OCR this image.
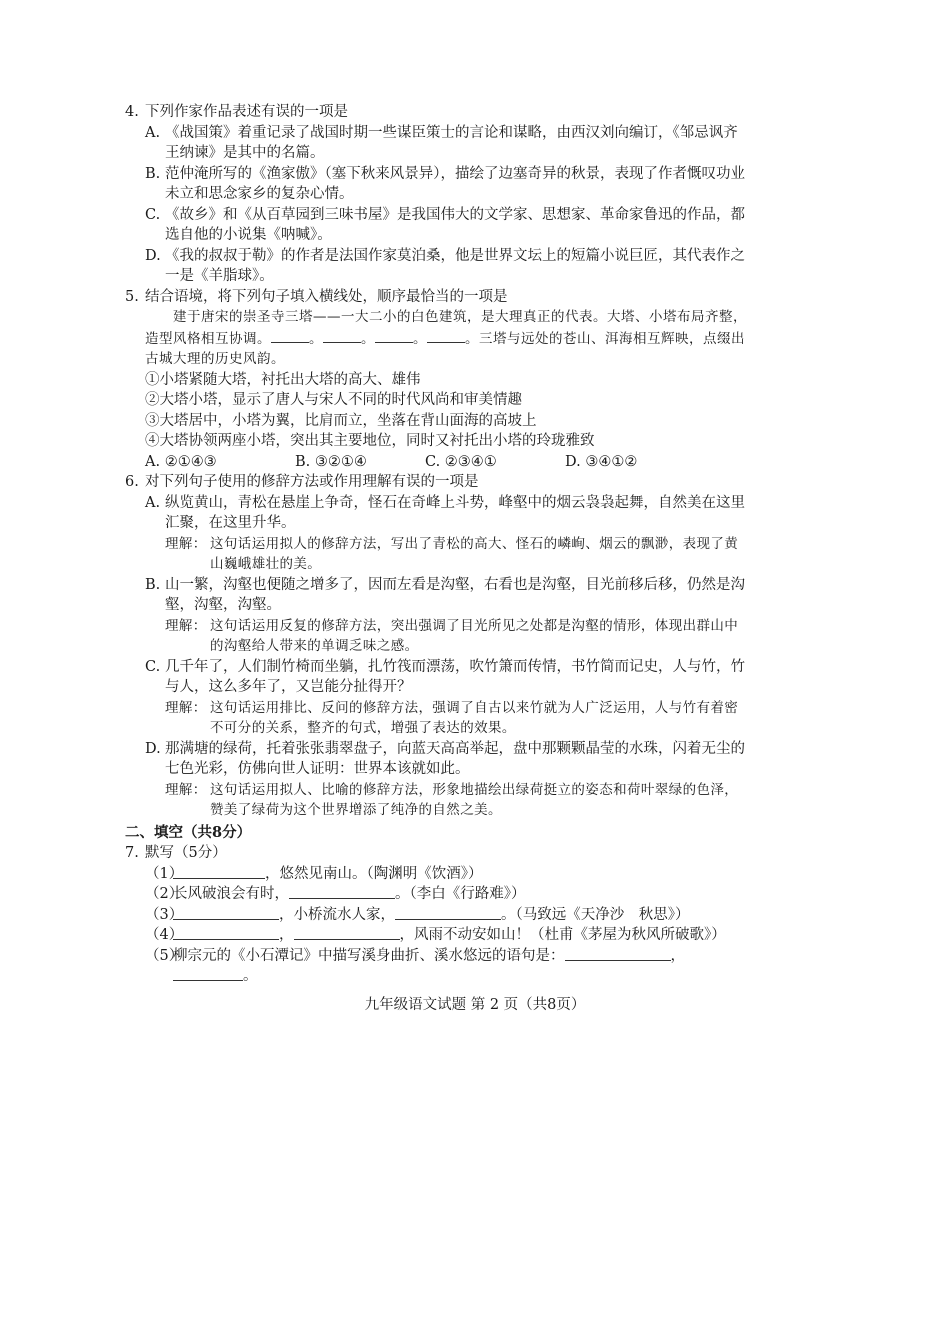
4. 下列作家作品表述有误的一项是
A. 《战国策》着重记录了战国时期一些谋臣策士的言论和谋略，由西汉刘向编订，《邹忌讽齐王纳谏》是其中的名篇。
B. 范仲淹所写的《渔家傲》（塞下秋来风景异），描绘了边塞奇异的秋景，表现了作者慨叹功业未立和思念家乡的复杂心情。
C. 《故乡》和《从百草园到三味书屋》是我国伟大的文学家、思想家、革命家鲁迅的作品，都选自他的小说集《呐喊》。
D. 《我的叔叔于勒》的作者是法国作家莫泊桑，他是世界文坛上的短篇小说巨匠，其代表作之一是《羊脂球》。
5. 结合语境，将下列句子填入横线处，顺序最恰当的一项是
建于唐宋的崇圣寺三塔——一大二小的白色建筑，是大理真正的代表。大塔、小塔布局齐整，造型风格相互协调。	。	。	。	。三塔与远处的苍山、洱海相互辉映，点缀出古城大理的历史风韵。
①小塔紧随大塔，衬托出大塔的高大、雄伟
②大塔小塔，显示了唐人与宋人不同的时代风尚和审美情趣
③大塔居中，小塔为翼，比肩而立，坐落在背山面海的高坡上
④大塔协领两座小塔，突出其主要地位，同时又衬托出小塔的玲珑雅致
A. ②①④③	B. ③②①④	C. ②③④①	D. ③④①②
6. 对下列句子使用的修辞方法或作用理解有误的一项是
A. 纵览黄山，青松在悬崖上争奇，怪石在奇峰上斗势，峰壑中的烟云袅袅起舞，自然美在这里汇聚，在这里升华。
理解： 这句话运用拟人的修辞方法，写出了青松的高大、怪石的嶙峋、烟云的飘渺，表现了黄山巍峨雄壮的美。
B. 山一繁，沟壑也便随之增多了，因而左看是沟壑，右看也是沟壑，目光前移后移，仍然是沟壑，沟壑，沟壑。
理解： 这句话运用反复的修辞方法，突出强调了目光所见之处都是沟壑的情形，体现出群山中的沟壑给人带来的单调乏味之感。
C. 几千年了，人们制竹椅而坐躺，扎竹筏而漂荡，吹竹箫而传情，书竹简而记史，人与竹，竹与人，这么多年了，又岂能分扯得开？
理解： 这句话运用排比、反问的修辞方法，强调了自古以来竹就为人广泛运用，人与竹有着密不可分的关系，整齐的句式，增强了表达的效果。
D. 那满塘的绿荷，托着张张翡翠盘子，向蓝天高高举起，盘中那颗颗晶莹的水珠，闪着无尘的七色光彩，仿佛向世人证明：世界本该就如此。
理解： 这句话运用拟人、比喻的修辞方法，形象地描绘出绿荷挺立的姿态和荷叶翠绿的色泽，赞美了绿荷为这个世界增添了纯净的自然之美。
二、填空（共8分）
7. 默写（5分）
（1）	，悠然见南山。（陶渊明《饮酒》）
（2）
长风破浪会有时，	。（李白《行路难》）
（3）	，小桥流水人家，	。（马致远《天净沙　秋思》）
（4）	，	，风雨不动安如山！（杜甫《茅屋为秋风所破歌》）
（5）
柳宗元的《小石潭记》中描写溪身曲折、溪水悠远的语句是：	，
。
九年级语文试题 第 2 页（共8页）
